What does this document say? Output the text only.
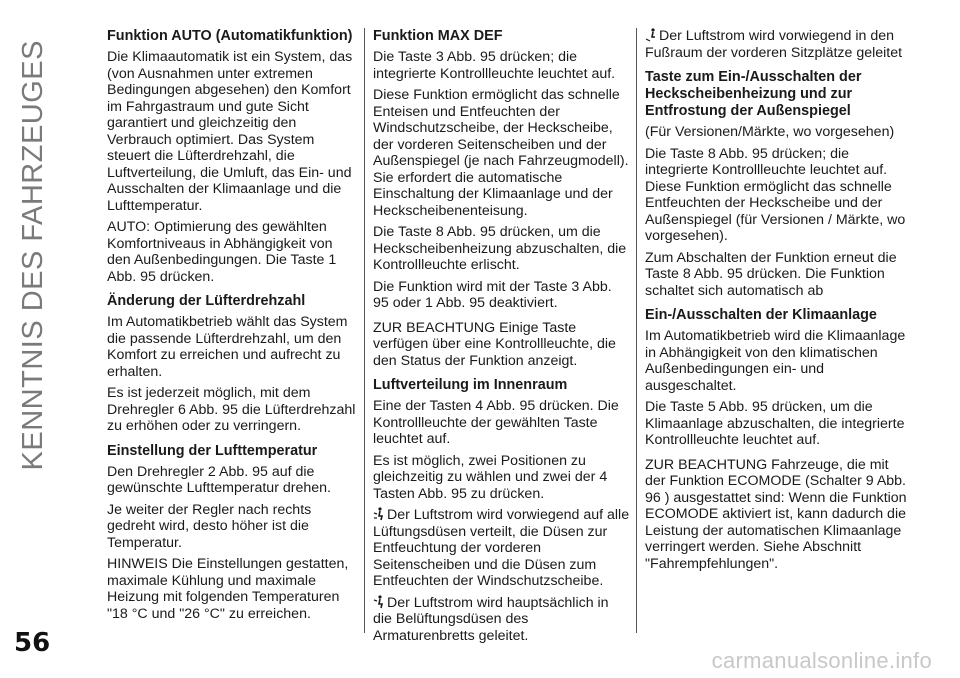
KENNTNIS DES FAHRZEUGES
Funktion AUTO (Automatikfunktion)

Die Klimaautomatik ist ein System, das (von Ausnahmen unter extremen Bedingungen abgesehen) den Komfort im Fahrgastraum und gute Sicht garantiert und gleichzeitig den Verbrauch optimiert. Das System steuert die Lüfterdrehzahl, die Luftverteilung, die Umluft, das Ein- und Ausschalten der Klimaanlage und die Lufttemperatur.

AUTO: Optimierung des gewählten Komfortniveaus in Abhängigkeit von den Außenbedingungen. Die Taste 1 Abb. 95 drücken.

Änderung der Lüfterdrehzahl

Im Automatikbetrieb wählt das System die passende Lüfterdrehzahl, um den Komfort zu erreichen und aufrecht zu erhalten.

Es ist jederzeit möglich, mit dem Drehregler 6 Abb. 95 die Lüfterdrehzahl zu erhöhen oder zu verringern.

Einstellung der Lufttemperatur

Den Drehregler 2 Abb. 95 auf die gewünschte Lufttemperatur drehen.

Je weiter der Regler nach rechts gedreht wird, desto höher ist die Temperatur.

HINWEIS Die Einstellungen gestatten, maximale Kühlung und maximale Heizung mit folgenden Temperaturen "18 °C und "26 °C" zu erreichen.

Funktion MAX DEF

Die Taste 3 Abb. 95 drücken; die integrierte Kontrollleuchte leuchtet auf.

Diese Funktion ermöglicht das schnelle Enteisen und Entfeuchten der Windschutzscheibe, der Heckscheibe, der vorderen Seitenscheiben und der Außenspiegel (je nach Fahrzeugmodell). Sie erfordert die automatische Einschaltung der Klimaanlage und der Heckscheibenenteisung.

Die Taste 8 Abb. 95 drücken, um die Heckscheibenheizung abzuschalten, die Kontrollleuchte erlischt.

Die Funktion wird mit der Taste 3 Abb. 95 oder 1 Abb. 95 deaktiviert.

ZUR BEACHTUNG Einige Taste verfügen über eine Kontrollleuchte, die den Status der Funktion anzeigt.

Luftverteilung im Innenraum

Eine der Tasten 4 Abb. 95 drücken. Die Kontrollleuchte der gewählten Taste leuchtet auf.

Es ist möglich, zwei Positionen zu gleichzeitig zu wählen und zwei der 4 Tasten Abb. 95 zu drücken.

Der Luftstrom wird vorwiegend auf alle Lüftungsdüsen verteilt, die Düsen zur Entfeuchtung der vorderen Seitenscheiben und die Düsen zum Entfeuchten der Windschutzscheibe.

Der Luftstrom wird hauptsächlich in die Belüftungsdüsen des Armaturenbretts geleitet.

Der Luftstrom wird vorwiegend in den Fußraum der vorderen Sitzplätze geleitet

Taste zum Ein-/Ausschalten der Heckscheibenheizung und zur Entfrostung der Außenspiegel

(Für Versionen/Märkte, wo vorgesehen)

Die Taste 8 Abb. 95 drücken; die integrierte Kontrollleuchte leuchtet auf. Diese Funktion ermöglicht das schnelle Entfeuchten der Heckscheibe und der Außenspiegel (für Versionen / Märkte, wo vorgesehen).

Zum Abschalten der Funktion erneut die Taste 8 Abb. 95 drücken. Die Funktion schaltet sich automatisch ab

Ein-/Ausschalten der Klimaanlage

Im Automatikbetrieb wird die Klimaanlage in Abhängigkeit von den klimatischen Außenbedingungen ein- und ausgeschaltet.

Die Taste 5 Abb. 95 drücken, um die Klimaanlage abzuschalten, die integrierte Kontrollleuchte leuchtet auf.

ZUR BEACHTUNG Fahrzeuge, die mit der Funktion ECOMODE (Schalter 9 Abb. 96 ) ausgestattet sind: Wenn die Funktion ECOMODE aktiviert ist, kann dadurch die Leistung der automatischen Klimaanlage verringert werden. Siehe Abschnitt "Fahrempfehlungen".

56
carmanualsonline.info
